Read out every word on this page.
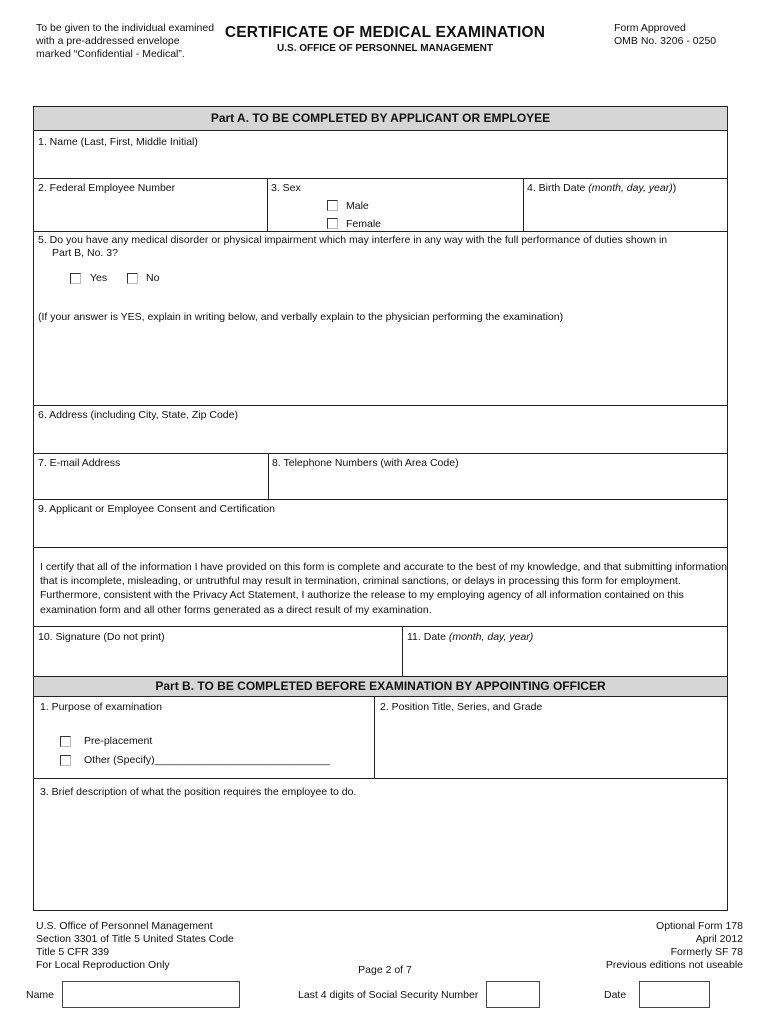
To be given to the individual examined with a pre-addressed envelope marked “Confidential - Medical”.
CERTIFICATE OF MEDICAL EXAMINATION
U.S. OFFICE OF PERSONNEL MANAGEMENT
Form Approved
OMB No. 3206 - 0250
Part A. TO BE COMPLETED BY APPLICANT OR EMPLOYEE
1. Name (Last, First, Middle Initial)
2. Federal Employee Number	3. Sex
Male
Female
4. Birth Date (month, day, year))
5. Do you have any medical disorder or physical impairment which may interfere in any way with the full performance of duties shown in
Part B, No. 3?
Yes	No
(If your answer is YES, explain in writing below, and verbally explain to the physician performing the examination)
6. Address (including City, State, Zip Code)
7. E-mail Address	8. Telephone Numbers (with Area Code)
9. Applicant or Employee Consent and Certification
I certify that all of the information I have provided on this form is complete and accurate to the best of my knowledge, and that submitting information that is incomplete, misleading, or untruthful may result in termination, criminal sanctions, or delays in processing this form for employment. Furthermore, consistent with the Privacy Act Statement, I authorize the release to my employing agency of all information contained on this examination form and all other forms generated as a direct result of my examination.
10. Signature (Do not print)	11. Date (month, day, year)
Part B. TO BE COMPLETED BEFORE EXAMINATION BY APPOINTING OFFICER
1. Purpose of examination	2. Position Title, Series, and Grade
Pre-placement
Other (Specify)______________________________
3. Brief description of what the position requires the employee to do.
U.S. Office of Personnel Management
Section 3301 of Title 5 United States Code
Title 5 CFR 339
For Local Reproduction Only	Page 2 of 7
Optional Form 178
April 2012
Formerly SF 78
Previous editions not useable
Name	Last 4 digits of Social Security Number	Date
